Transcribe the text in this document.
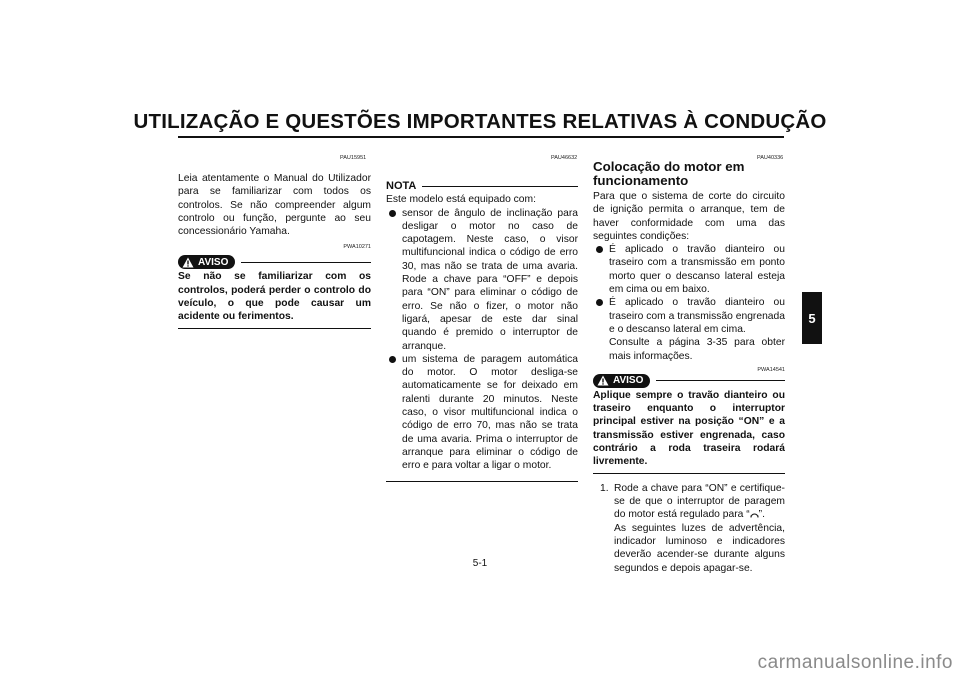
UTILIZAÇÃO E QUESTÕES IMPORTANTES RELATIVAS À CONDUÇÃO
PAU15951

Leia atentamente o Manual do Utilizador para se familiarizar com todos os controlos. Se não compreender algum controlo ou função, pergunte ao seu concessionário Yamaha.

PWA10271
AVISO

Se não se familiarizar com os controlos, poderá perder o controlo do veículo, o que pode causar um acidente ou ferimentos.

PAU46632
NOTA

Este modelo está equipado com:

sensor de ângulo de inclinação para desligar o motor no caso de capotagem. Neste caso, o visor multifuncional indica o código de erro 30, mas não se trata de uma avaria. Rode a chave para “OFF” e depois para “ON” para eliminar o código de erro. Se não o fizer, o motor não ligará, apesar de este dar sinal quando é premido o interruptor de arranque.
um sistema de paragem automática do motor. O motor desliga-se automaticamente se for deixado em ralenti durante 20 minutos. Neste caso, o visor multifuncional indica o código de erro 70, mas não se trata de uma avaria. Prima o interruptor de arranque para eliminar o código de erro e para voltar a ligar o motor.
PAU40336
Colocação do motor em funcionamento

Para que o sistema de corte do circuito de ignição permita o arranque, tem de haver conformidade com uma das seguintes condições:

É aplicado o travão dianteiro ou traseiro com a transmissão em ponto morto quer o descanso lateral esteja em cima ou em baixo.
É aplicado o travão dianteiro ou traseiro com a transmissão engrenada e o descanso lateral em cima.
Consulte a página 3-35 para obter mais informações.
PWA14541
AVISO

Aplique sempre o travão dianteiro ou traseiro enquanto o interruptor principal estiver na posição “ON” e a transmissão estiver engrenada, caso contrário a roda traseira rodará livremente.

1. Rode a chave para “ON” e certifique-se de que o interruptor de paragem do motor está regulado para “ ”.
As seguintes luzes de advertência, indicador luminoso e indicadores deverão acender-se durante alguns segundos e depois apagar-se.
5-1
5
carmanualsonline.info
